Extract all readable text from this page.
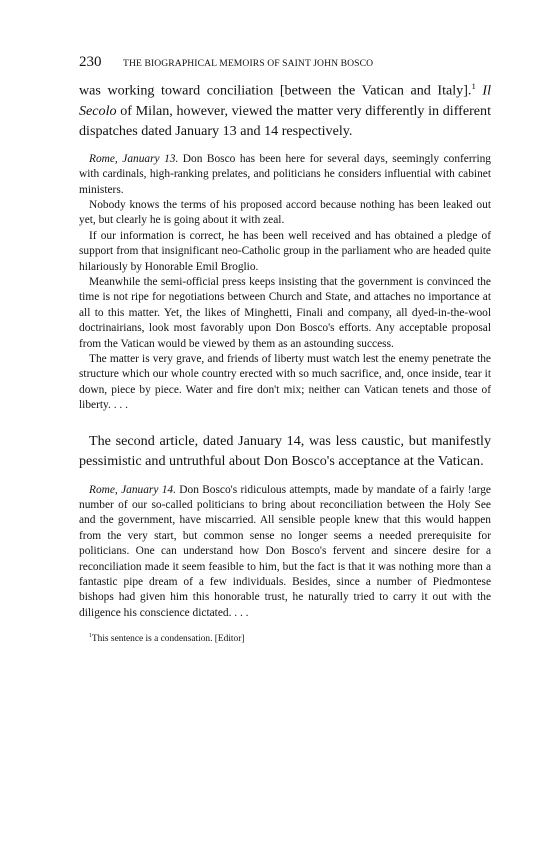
230	THE BIOGRAPHICAL MEMOIRS OF SAINT JOHN BOSCO

was working toward conciliation [between the Vatican and Italy].$^1$ Il Secolo of Milan, however, viewed the matter very differently in different dispatches dated January 13 and 14 respectively.

Rome, January 13. Don Bosco has been here for several days, seemingly conferring with cardinals, high-ranking prelates, and politicians he considers influential with cabinet ministers.

Nobody knows the terms of his proposed accord because nothing has been leaked out yet, but clearly he is going about it with zeal.

If our information is correct, he has been well received and has obtained a pledge of support from that insignificant neo-Catholic group in the parliament who are headed quite hilariously by Honorable Emil Broglio.

Meanwhile the semi-official press keeps insisting that the government is convinced the time is not ripe for negotiations between Church and State, and attaches no importance at all to this matter. Yet, the likes of Minghetti, Finali and company, all dyed-in-the-wool doctrinairians, look most favorably upon Don Bosco's efforts. Any acceptable proposal from the Vatican would be viewed by them as an astounding success.

The matter is very grave, and friends of liberty must watch lest the enemy penetrate the structure which our whole country erected with so much sacrifice, and, once inside, tear it down, piece by piece. Water and fire don't mix; neither can Vatican tenets and those of liberty. . . .

The second article, dated January 14, was less caustic, but manifestly pessimistic and untruthful about Don Bosco's acceptance at the Vatican.

Rome, January 14. Don Bosco's ridiculous attempts, made by mandate of a fairly !arge number of our so-called politicians to bring about reconciliation between the Holy See and the government, have miscarried. All sensible people knew that this would happen from the very start, but common sense no longer seems a needed prerequisite for politicians. One can understand how Don Bosco's fervent and sincere desire for a reconciliation made it seem feasible to him, but the fact is that it was nothing more than a fantastic pipe dream of a few individuals. Besides, since a number of Piedmontese bishops had given him this honorable trust, he naturally tried to carry it out with the diligence his conscience dictated. . . .

$^1$This sentence is a condensation. [Editor]
